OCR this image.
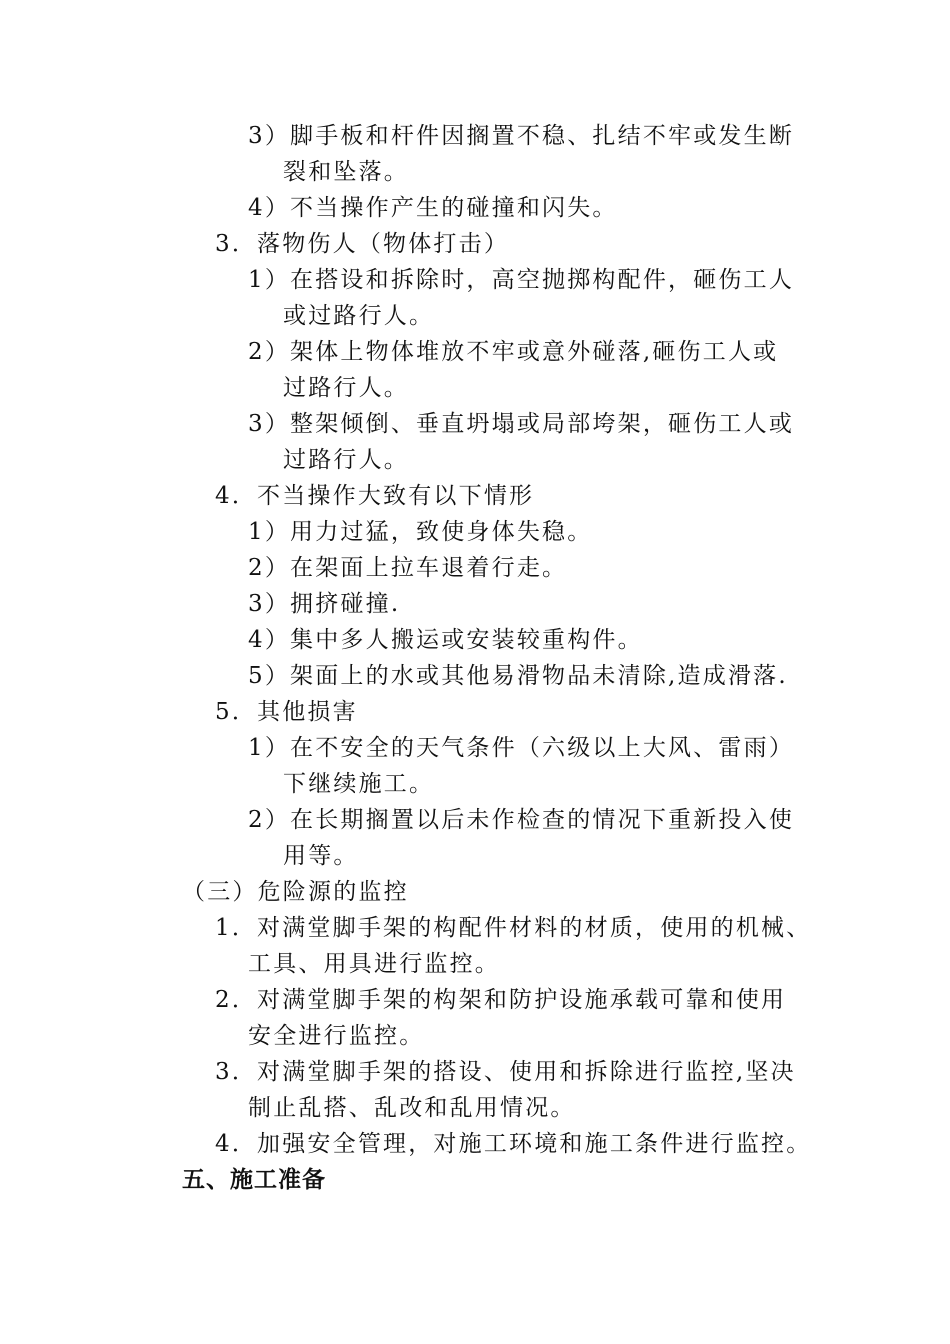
3）脚手板和杆件因搁置不稳、扎结不牢或发生断
裂和坠落。
4）不当操作产生的碰撞和闪失。
3．落物伤人（物体打击）
1）在搭设和拆除时，高空抛掷构配件，砸伤工人
或过路行人。
2）架体上物体堆放不牢或意外碰落,砸伤工人或
过路行人。
3）整架倾倒、垂直坍塌或局部垮架，砸伤工人或
过路行人。
4．不当操作大致有以下情形
1）用力过猛，致使身体失稳。
2）在架面上拉车退着行走。
3）拥挤碰撞.
4）集中多人搬运或安装较重构件。
5）架面上的水或其他易滑物品未清除,造成滑落.
5．其他损害
1）在不安全的天气条件（六级以上大风、雷雨）
下继续施工。
2）在长期搁置以后未作检查的情况下重新投入使
用等。
（三）危险源的监控
1．对满堂脚手架的构配件材料的材质，使用的机械、
工具、用具进行监控。
2．对满堂脚手架的构架和防护设施承载可靠和使用
安全进行监控。
3．对满堂脚手架的搭设、使用和拆除进行监控,坚决
制止乱搭、乱改和乱用情况。
4．加强安全管理，对施工环境和施工条件进行监控。
五、施工准备
